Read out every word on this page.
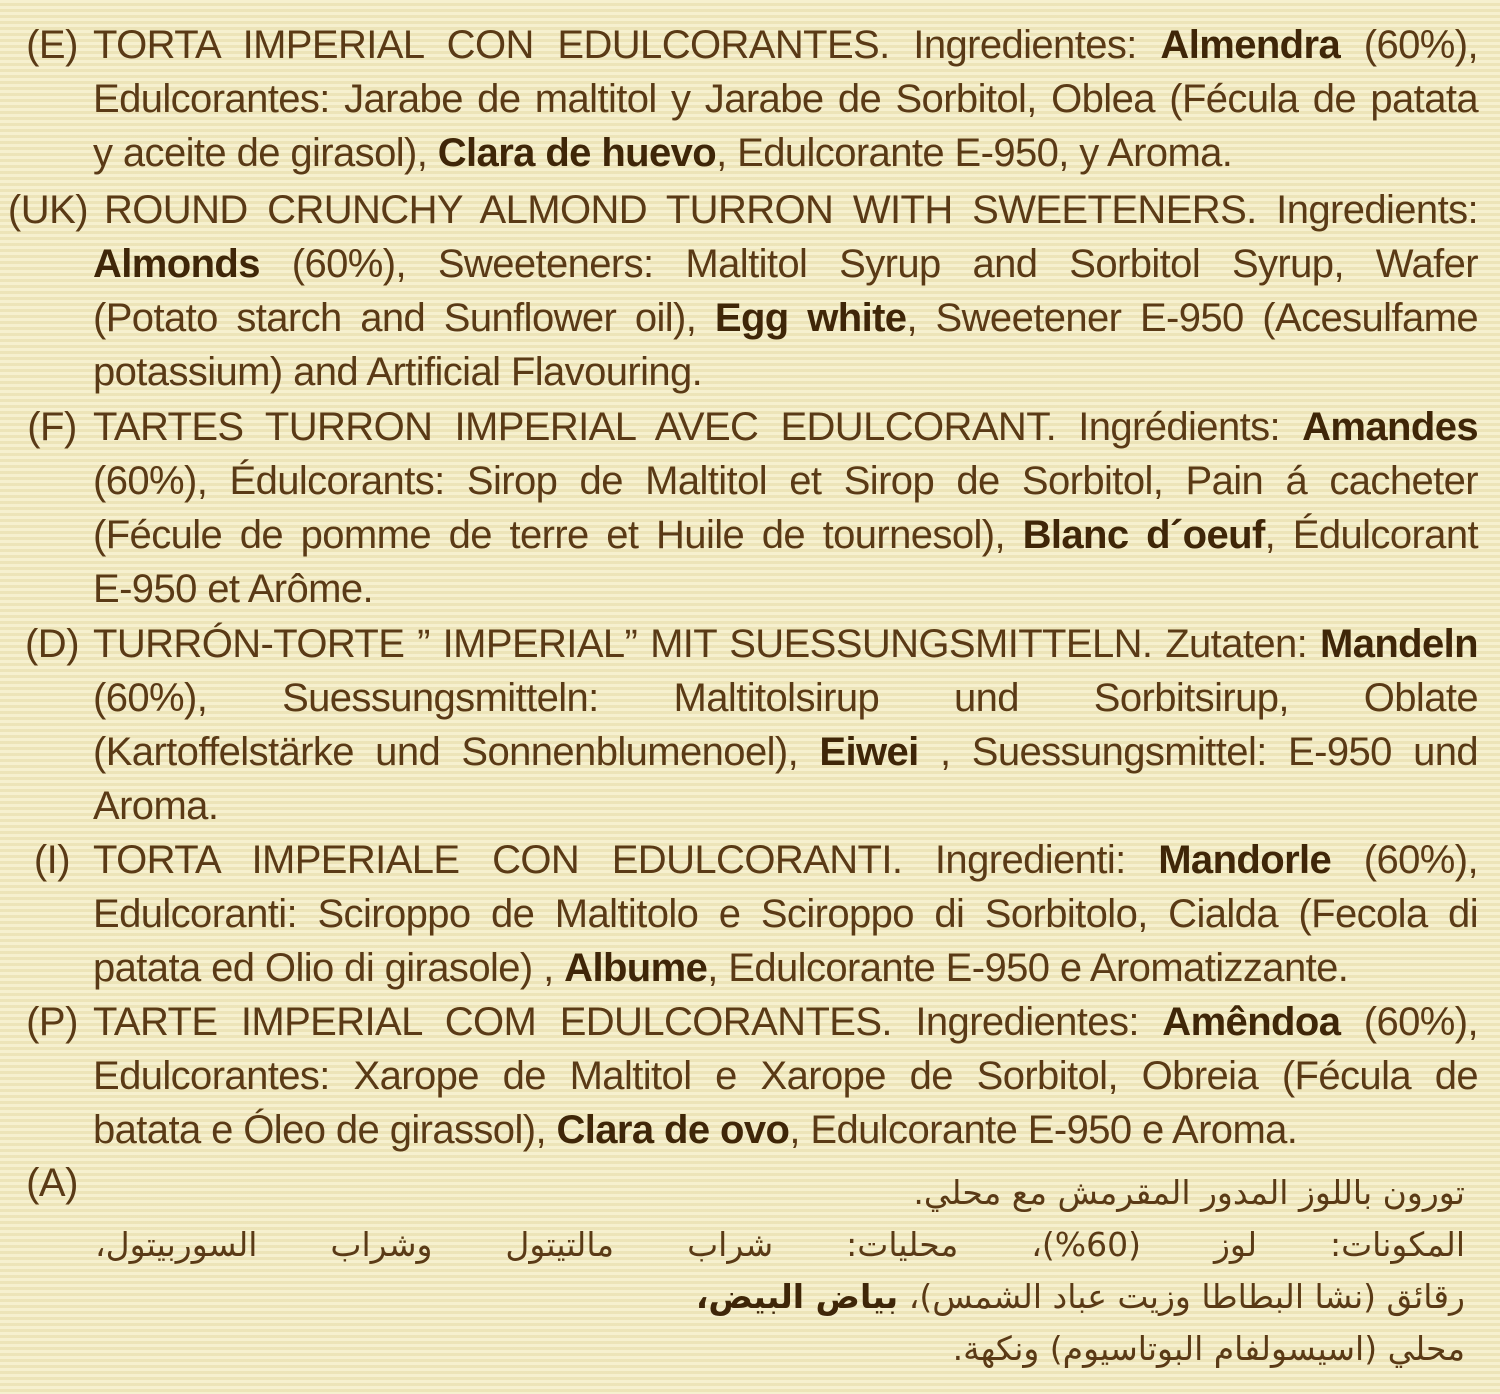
(E) TORTA IMPERIAL CON EDULCORANTES. Ingredientes: Almendra (60%),
Edulcorantes: Jarabe de maltitol y Jarabe de Sorbitol, Oblea (Fécula de patata
y aceite de girasol), Clara de huevo, Edulcorante E-950, y Aroma.
(UK) ROUND CRUNCHY ALMOND TURRON WITH SWEETENERS. Ingredients:
Almonds (60%), Sweeteners: Maltitol Syrup and Sorbitol Syrup, Wafer
(Potato starch and Sunflower oil), Egg white, Sweetener E-950 (Acesulfame
potassium) and Artificial Flavouring.
(F) TARTES TURRON IMPERIAL AVEC EDULCORANT. Ingrédients: Amandes
(60%), Édulcorants: Sirop de Maltitol et Sirop de Sorbitol, Pain á cacheter
(Fécule de pomme de terre et Huile de tournesol), Blanc d´oeuf, Édulcorant
E-950 et Arôme.
(D) TURRÓN-TORTE ” IMPERIAL” MIT SUESSUNGSMITTELN. Zutaten: Mandeln
(60%), Suessungsmitteln: Maltitolsirup und Sorbitsirup, Oblate
(Kartoffelstärke und Sonnenblumenoel), Eiwei , Suessungsmittel: E-950 und
Aroma.
(I) TORTA IMPERIALE CON EDULCORANTI. Ingredienti: Mandorle (60%),
Edulcoranti: Sciroppo de Maltitolo e Sciroppo di Sorbitolo, Cialda (Fecola di
patata ed Olio di girasole) , Albume, Edulcorante E-950 e Aromatizzante.
(P) TARTE IMPERIAL COM EDULCORANTES. Ingredientes: Amêndoa (60%),
Edulcorantes: Xarope de Maltitol e Xarope de Sorbitol, Obreia (Fécula de
batata e Óleo de girassol), Clara de ovo, Edulcorante E-950 e Aroma.
(A)	تورون باللوز المدور المقرمش مع محلي.
المكونات: لوز (60%)، محليات: شراب مالتيتول وشراب السوربيتول،
رقائق (نشا البطاطا وزيت عباد الشمس)، بياض البيض،
محلي (اسيسولفام البوتاسيوم) ونكهة.
